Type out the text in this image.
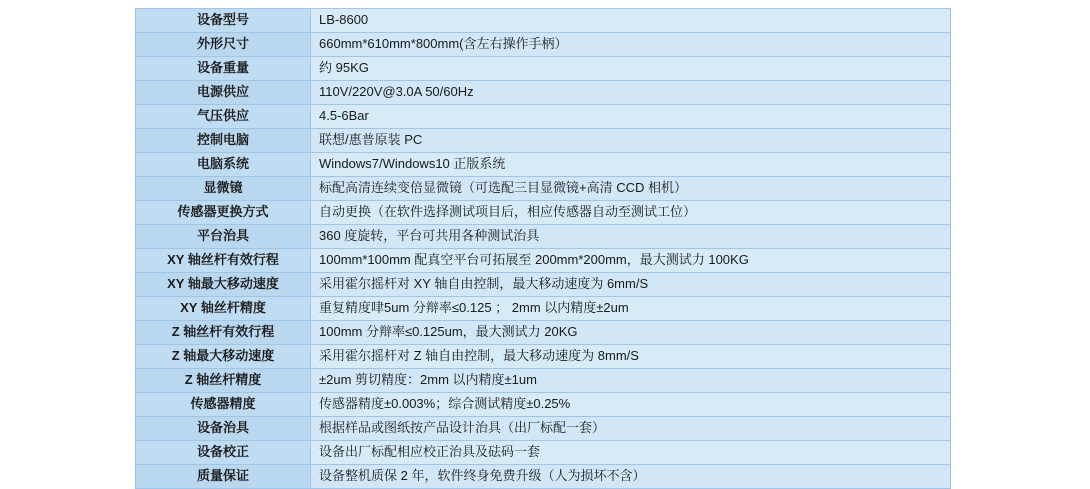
设备型号	LB-8600
外形尺寸	660mm*610mm*800mm(含左右操作手柄）
设备重量	约 95KG
电源供应	110V/220V@3.0A 50/60Hz
气压供应	4.5-6Bar
控制电脑	联想/惠普原装 PC
电脑系统	Windows7/Windows10 正版系统
显微镜	标配高清连续变倍显微镜（可选配三目显微镜+高清 CCD 相机）
传感器更换方式	自动更换（在软件选择测试项目后，相应传感器自动至测试工位）
平台治具	360 度旋转，平台可共用各种测试治具
XY 轴丝杆有效行程	100mm*100mm 配真空平台可拓展至 200mm*200mm，最大测试力 100KG
XY 轴最大移动速度	采用霍尔摇杆对 XY 轴自由控制，最大移动速度为 6mm/S
XY 轴丝杆精度	重复精度㖀5um 分辩率≤0.125 ； 2mm 以内精度±2um
Z 轴丝杆有效行程	100mm 分辩率≤0.125um，最大测试力 20KG
Z 轴最大移动速度	采用霍尔摇杆对 Z 轴自由控制，最大移动速度为 8mm/S
Z 轴丝杆精度	±2um 剪切精度：2mm 以内精度±1um
传感器精度	传感器精度±0.003%；综合测试精度±0.25%
设备治具	根据样品或图纸按产品设计治具（出厂标配一套）
设备校正	设备出厂标配相应校正治具及砝码一套
质量保证	设备整机质保 2 年，软件终身免费升级（人为损坏不含）
